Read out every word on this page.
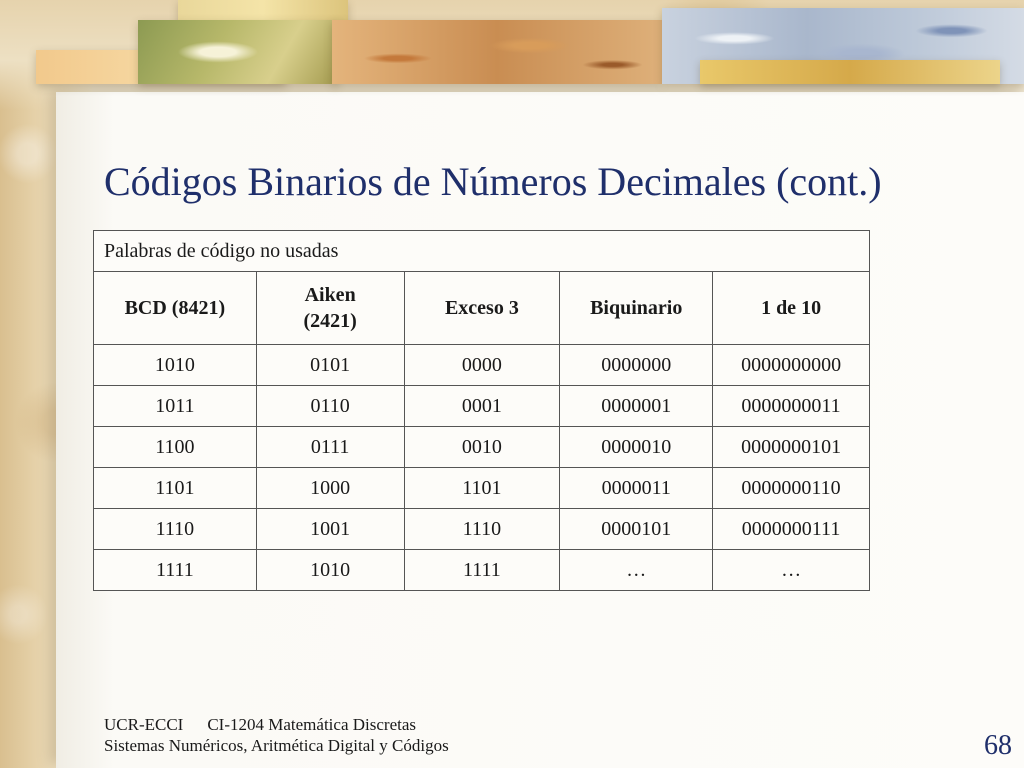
Códigos Binarios de Números Decimales (cont.)
Palabras de código no usadas				
BCD (8421)	Aiken (2421)	Exceso 3	Biquinario	1 de 10
1010	0101	0000	0000000	0000000000
1011	0110	0001	0000001	0000000011
1100	0111	0010	0000010	0000000101
1101	1000	1101	0000011	0000000110
1110	1001	1110	0000101	0000000111
1111	1010	1111	…	…
UCR-ECCI CI-1204 Matemática Discretas
Sistemas Numéricos, Aritmética Digital y Códigos	68
